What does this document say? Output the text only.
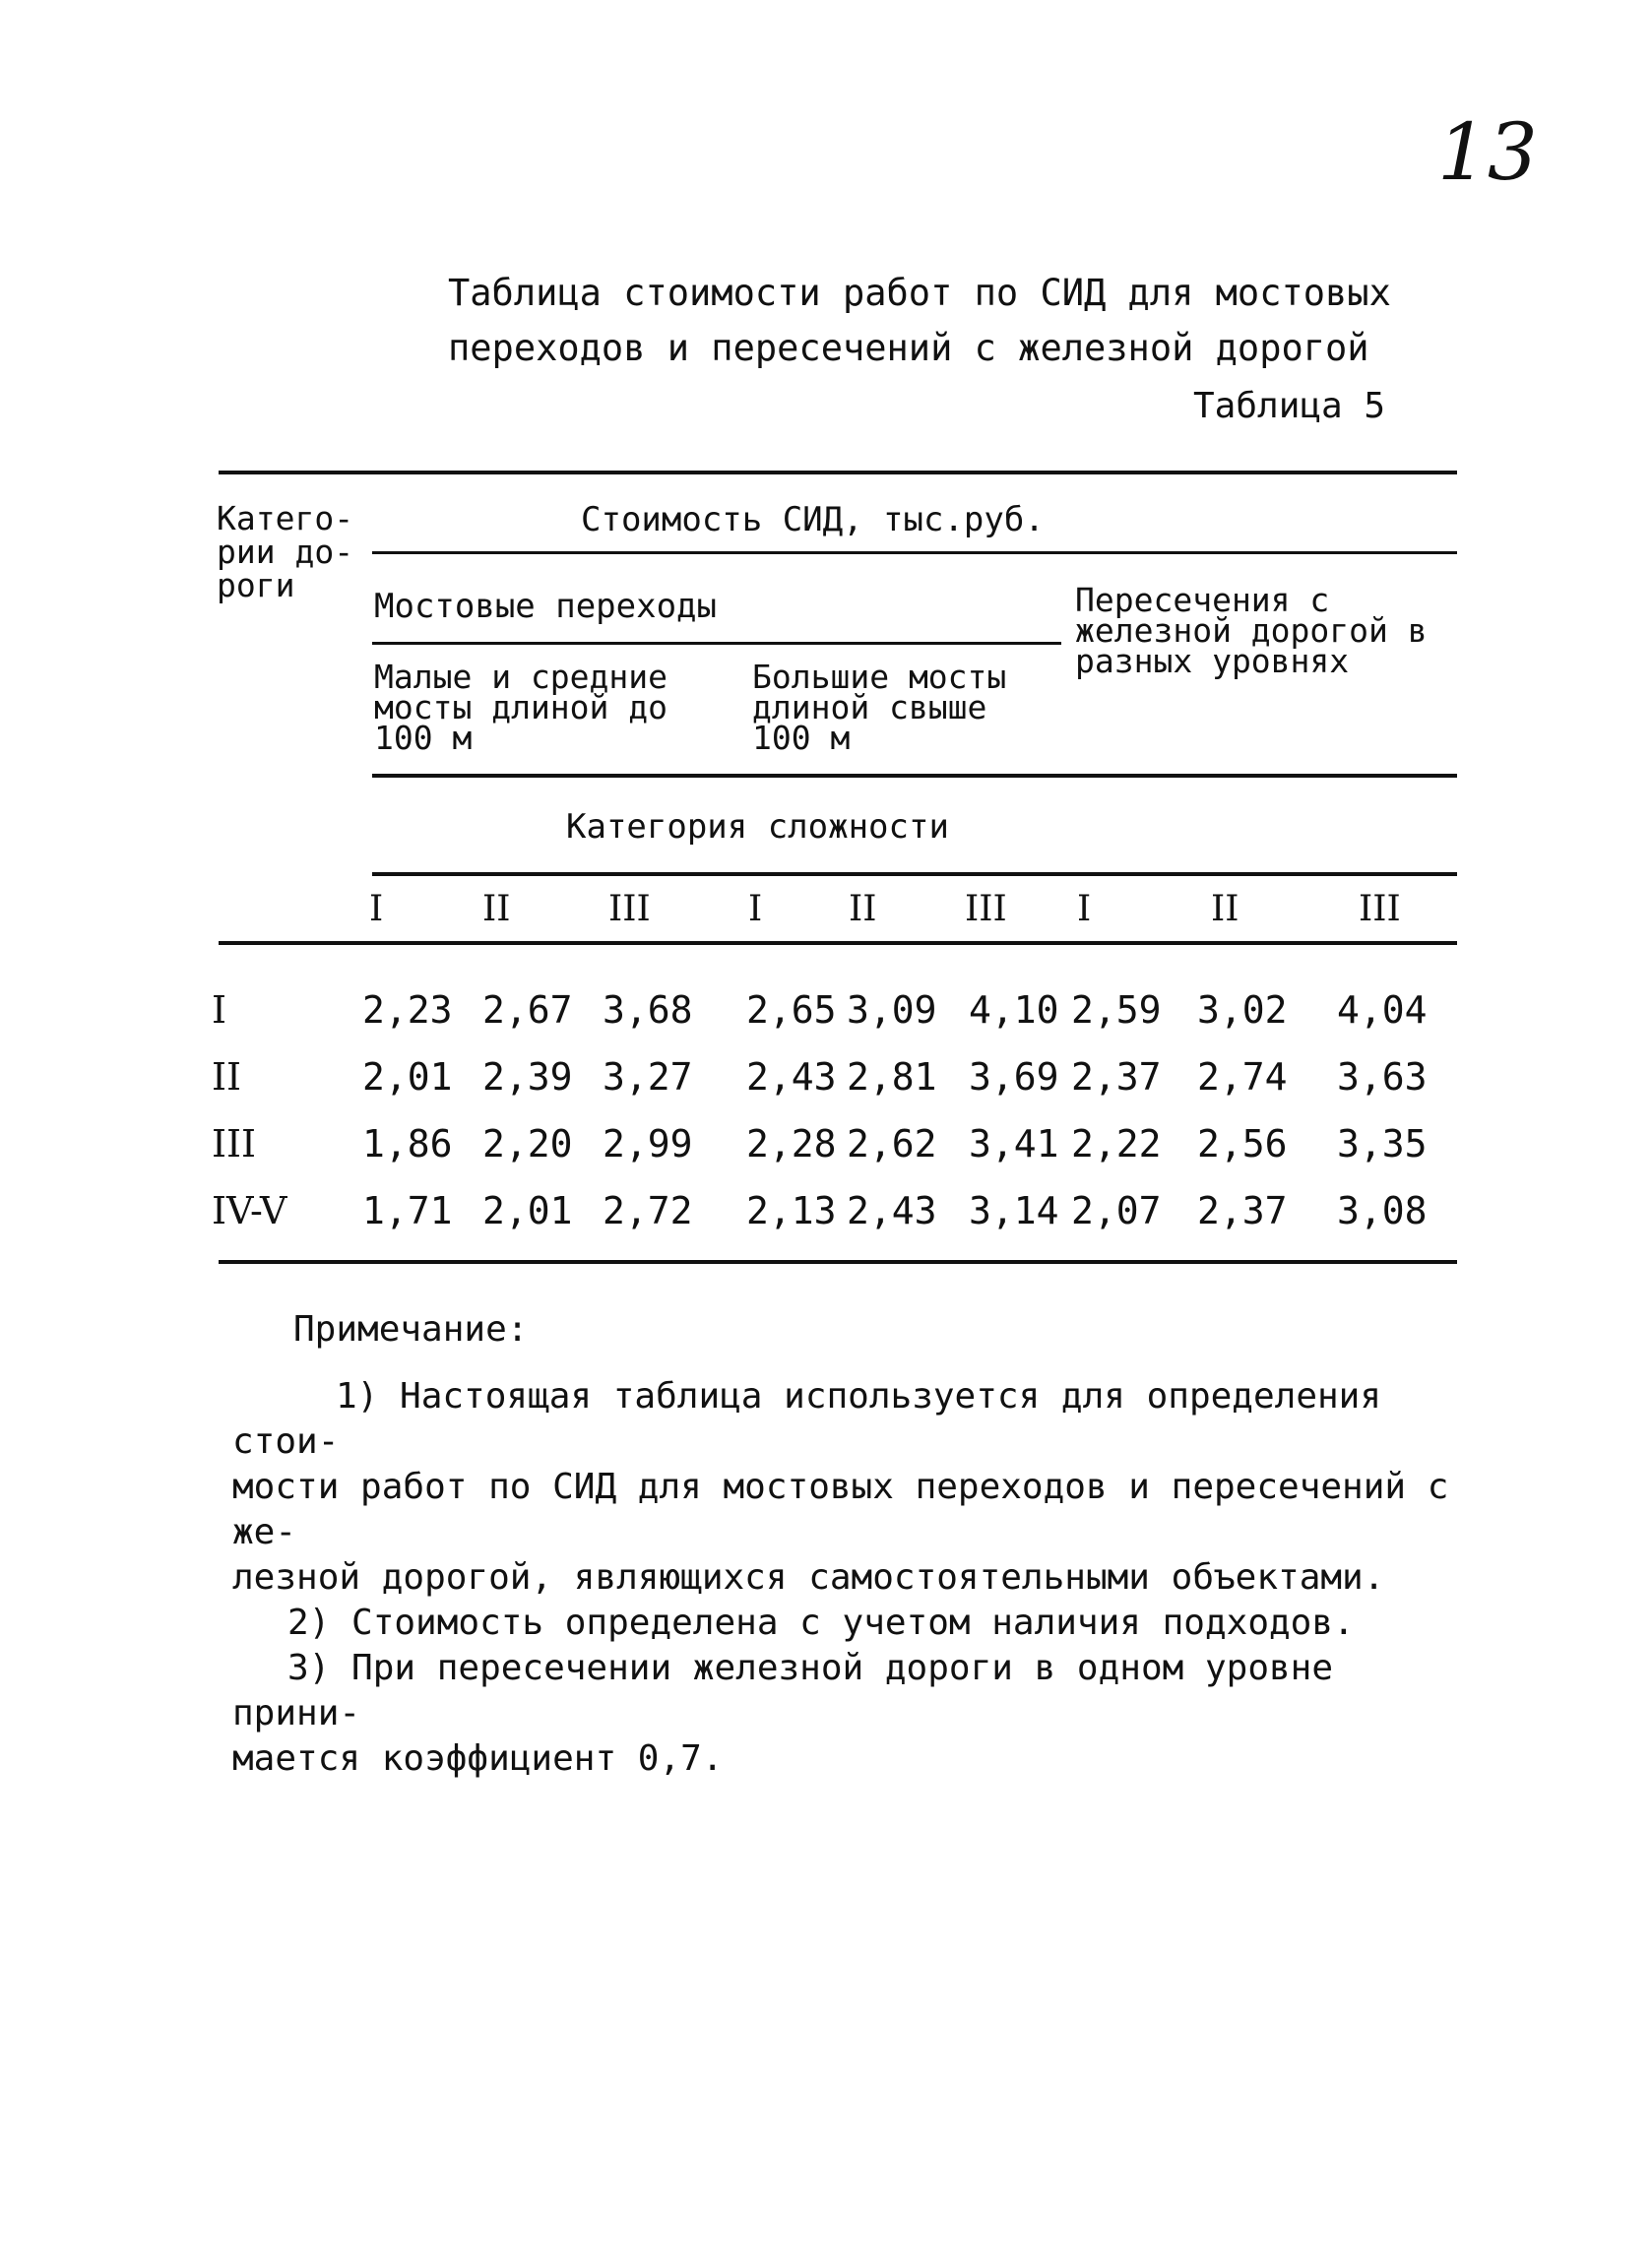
13
Таблица стоимости работ по СИД для мостовых
переходов и пересечений с железной дорогой
Таблица 5
Катего-
рии до-
роги
Стоимость СИД, тыс.руб.
Мостовые переходы	Пересечения с
железной дорогой в
разных уровнях
Малые и средние
мосты длиной до
100 м
Большие мосты
длиной свыше
100 м
Категория сложности
I	II	III	I II III I	II	III
I	2,23 2,67 3,68 2,65 3,09 4,10 2,59 3,02 4,04
II	2,01 2,39 3,27 2,43 2,81 3,69 2,37 2,74 3,63
III	1,86 2,20 2,99 2,28 2,62 3,41 2,22 2,56 3,35
IV-V 1,71 2,01 2,72 2,13 2,43 3,14 2,07 2,37 3,08
Примечание:
1) Настоящая таблица используется для определения стои-
мости работ по СИД для мостовых переходов и пересечений с же-
лезной дорогой, являющихся самостоятельными объектами.
2) Стоимость определена с учетом наличия подходов.
3) При пересечении железной дороги в одном уровне прини-
мается коэффициент 0,7.
